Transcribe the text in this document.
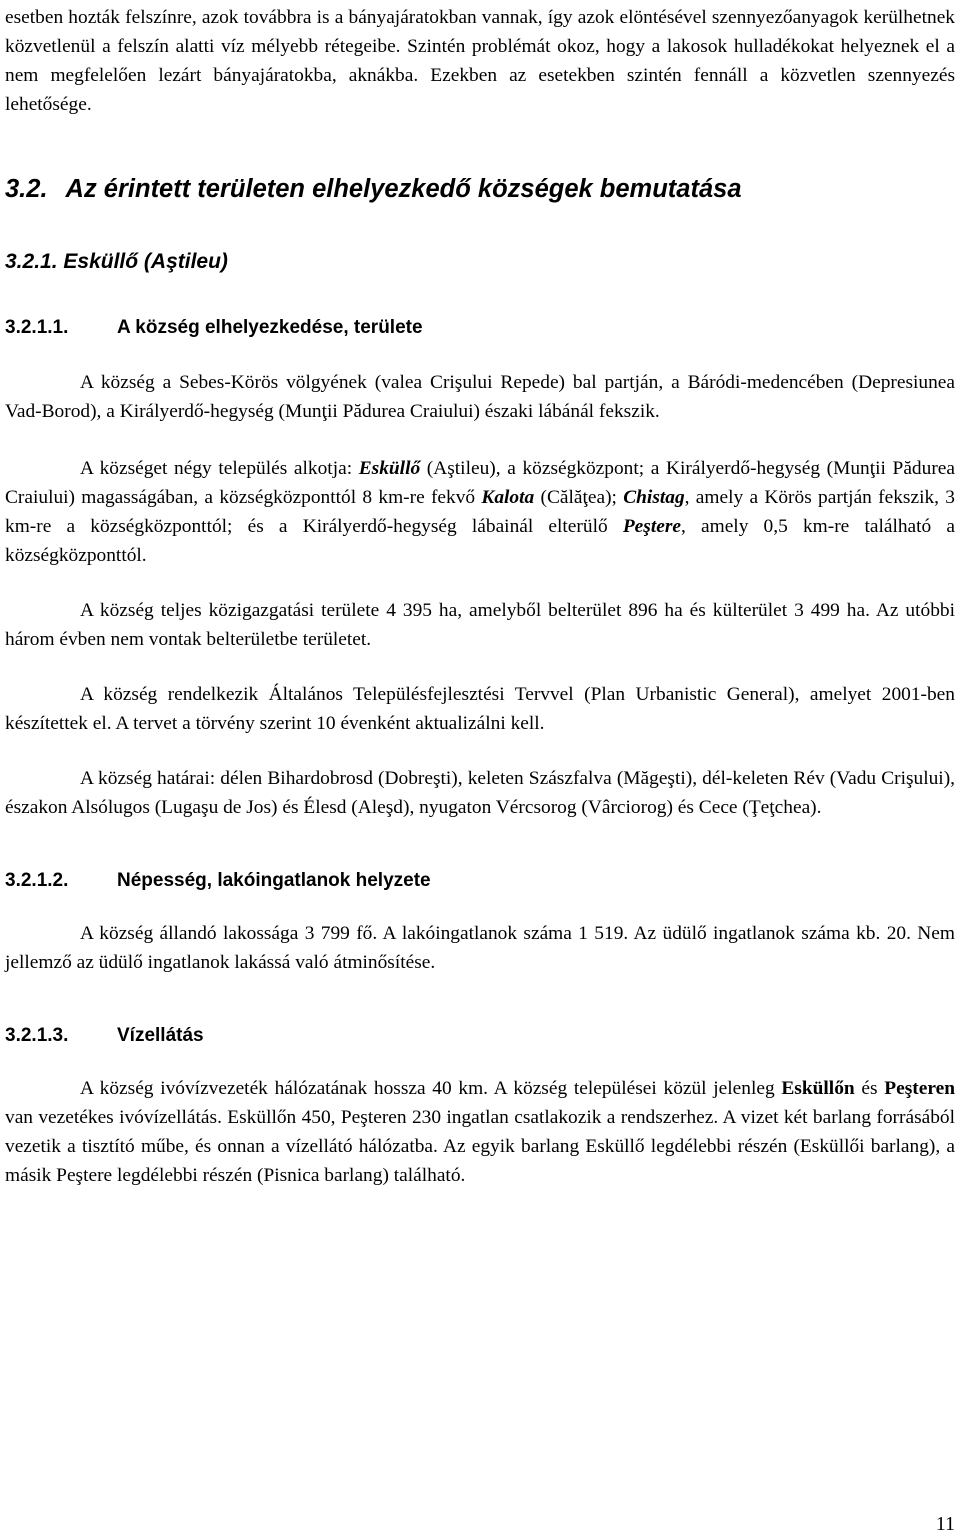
esetben hozták felszínre, azok továbbra is a bányajáratokban vannak, így azok elöntésével szennyezőanyagok kerülhetnek közvetlenül a felszín alatti víz mélyebb rétegeibe. Szintén problémát okoz, hogy a lakosok hulladékokat helyeznek el a nem megfelelően lezárt bányajáratokba, aknákba. Ezekben az esetekben szintén fennáll a közvetlen szennyezés lehetősége.

3.2. Az érintett területen elhelyezkedő községek bemutatása
3.2.1. Esküllő (Aştileu)
3.2.1.1.	A község elhelyezkedése, területe

A község a Sebes-Körös völgyének (valea Crişului Repede) bal partján, a Báródi-medencében (Depresiunea Vad-Borod), a Királyerdő-hegység (Munţii Pădurea Craiului) északi lábánál fekszik.

A községet négy település alkotja: Esküllő (Aştileu), a községközpont; a Királyerdő-hegység (Munţii Pădurea Craiului) magasságában, a községközponttól 8 km-re fekvő Kalota (Călăţea); Chistag, amely a Körös partján fekszik, 3 km-re a községközponttól; és a Királyerdő-hegység lábainál elterülő Peştere, amely 0,5 km-re található a községközponttól.

A község teljes közigazgatási területe 4 395 ha, amelyből belterület 896 ha és külterület 3 499 ha. Az utóbbi három évben nem vontak belterületbe területet.

A község rendelkezik Általános Településfejlesztési Tervvel (Plan Urbanistic General), amelyet 2001-ben készítettek el. A tervet a törvény szerint 10 évenként aktualizálni kell.

A község határai: délen Bihardobrosd (Dobreşti), keleten Szászfalva (Măgeşti), dél-keleten Rév (Vadu Crişului), északon Alsólugos (Lugaşu de Jos) és Élesd (Aleşd), nyugaton Vércsorog (Vârciorog) és Cece (Ţeţchea).

3.2.1.2.	Népesség, lakóingatlanok helyzete

A község állandó lakossága 3 799 fő. A lakóingatlanok száma 1 519. Az üdülő ingatlanok száma kb. 20. Nem jellemző az üdülő ingatlanok lakássá való átminősítése.

3.2.1.3.	Vízellátás

A község ivóvízvezeték hálózatának hossza 40 km. A község települései közül jelenleg Esküllőn és Peşteren van vezetékes ivóvízellátás. Esküllőn 450, Peşteren 230 ingatlan csatlakozik a rendszerhez. A vizet két barlang forrásából vezetik a tisztító műbe, és onnan a vízellátó hálózatba. Az egyik barlang Esküllő legdélebbi részén (Esküllői barlang), a másik Peştere legdélebbi részén (Pisnica barlang) található.

11
